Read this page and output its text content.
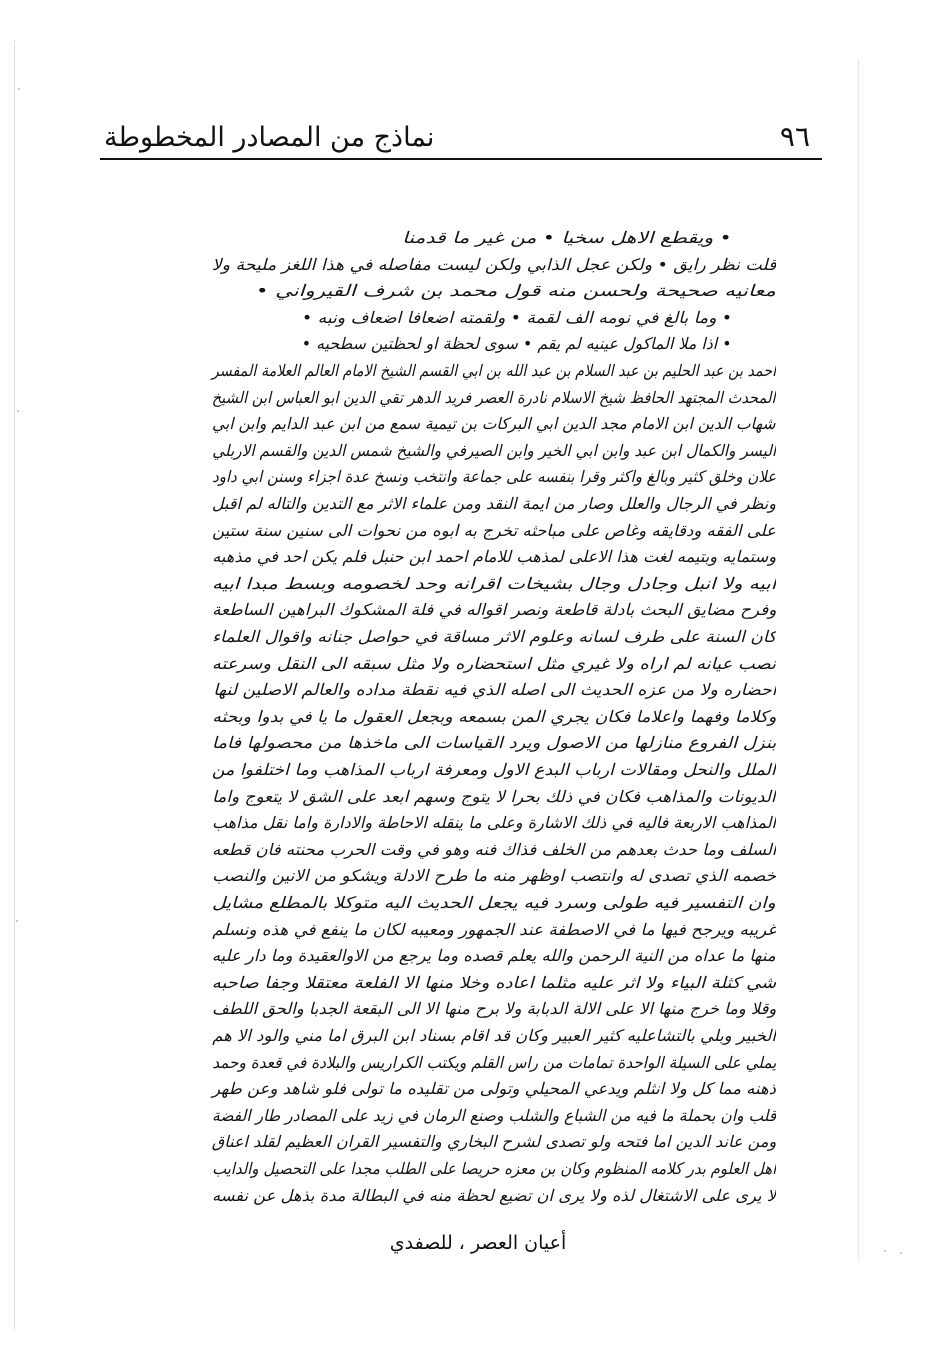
٩٦
نماذج من المصادر المخطوطة
• ويقطع الاهل سخيا • من غير ما قدمنا
قلت نظر رايق • ولكن عجل الذابي ولكن ليست مفاصله في هذا اللغز مليحة ولا
معانيه صحيحة ولحسن منه قول محمد بن شرف القيرواني •
• وما بالغ في نومه الف لقمة • ولقمته اضعافا اضعاف ونبه •
• اذا ملا الماكول عينيه لم يقم • سوى لحظة او لحظتين سطحيه •
احمد بن عبد الحليم بن عبد السلام بن عبد الله بن ابي القسم الشيخ الامام العالم العلامة المفسر
المحدث المجتهد الحافظ شيخ الاسلام نادرة العصر فريد الدهر تقي الدين ابو العباس ابن الشيخ
شهاب الدين ابن الامام مجد الدين ابي البركات بن تيمية سمع من ابن عبد الدايم وابن ابي
اليسر والكمال ابن عبد وابن ابي الخير وابن الصيرفي والشيخ شمس الدين والقسم الاربلي
علان وخلق كثير وبالغ واكثر وقرا بنفسه على جماعة وانتخب ونسخ عدة اجزاء وسنن ابي داود
ونظر في الرجال والعلل وصار من ايمة النقد ومن علماء الاثر مع التدين والتاله لم اقبل
على الفقه ودقايقه وغاص على مباحثه تخرج به ابوه من نحوات الى سنين سنة ستين
وستمايه وبتيمه لغت هذا الاعلى لمذهب للامام احمد ابن حنبل فلم يكن احد في مذهبه
ابيه ولا انبل وجادل وجال بشيخات اقرانه وحد لخصومه وبسط مبدا ابيه
وفرح مضايق البحث بادلة قاطعة ونصر اقواله في فلة المشكوك البراهين الساطعة
كان السنة على طرف لسانه وعلوم الاثر مساقة في حواصل جنانه واقوال العلماء
نصب عيانه لم اراه ولا غيري مثل استحضاره ولا مثل سبقه الى النقل وسرعته
احضاره ولا من عزه الحديث الى اصله الذي فيه نقطة مداده والعالم الاصلين لنها
وكلاما وفهما واعلاما فكان يجري المن بسمعه وبجعل العقول ما يا في بدوا وبحثه
بنزل الفروع منازلها من الاصول ويرد القياسات الى ماخذها من محصولها فاما
الملل والنحل ومقالات ارباب البدع الاول ومعرفة ارباب المذاهب وما اختلفوا من
الديونات والمذاهب فكان في ذلك بحرا لا يتوج وسهم ابعد على الشق لا يتعوج واما
المذاهب الاربعة فاليه في ذلك الاشارة وعلى ما ينقله الاحاطة والادارة واما نقل مذاهب
السلف وما حدث بعدهم من الخلف فذاك فنه وهو في وقت الحرب محنته فان قطعه
خصمه الذي تصدى له وانتصب اوظهر منه ما طرح الادلة ويشكو من الانين والنصب
وان التفسير فيه طولى وسرد فيه يجعل الحديث اليه متوكلا بالمطلع مشايل
غريبه ويرجح فيها ما في الاصطفة عند الجمهور ومعيبه لكان ما ينفع في هذه ونسلم
منها ما عداه من النية الرحمن والله يعلم قصده وما يرجع من الاوالعقيدة وما دار عليه
شي كثلة البياء ولا اثر عليه مثلما اعاده وخلا منها الا الفلعة معتقلا وجفا صاحبه
وقلا وما خرج منها الا على الالة الدبابة ولا برح منها الا الى البقعة الجدبا والحق اللطف
الخبير وبلي بالتشاعليه كثير العبير وكان قد اقام بسناد ابن البرق اما مني والود الا هم
يملي على السيلة الواحدة تمامات من راس القلم ويكتب الكراريس والبلادة في قعدة وحمد
ذهنه مما كل ولا انثلم ويدعي المحيلي وتولى من تقليده ما تولى فلو شاهد وعن طهر
قلب وان بحملة ما فيه من الشباع والشلب وصنع الرمان في زيد على المصادر طار الفضة
ومن عاند الدين اما فتحه ولو تصدى لشرح البخاري والتفسير القران العظيم لقلد اعناق
اهل العلوم بدر كلامه المنظوم وكان بن معزه حريصا على الطلب مجدا على التحصيل والدايب
لا يرى على الاشتغال لذه ولا يرى ان تضيع لحظة منه في البطالة مدة بذهل عن نفسه
أعيان العصر ، للصفدي
